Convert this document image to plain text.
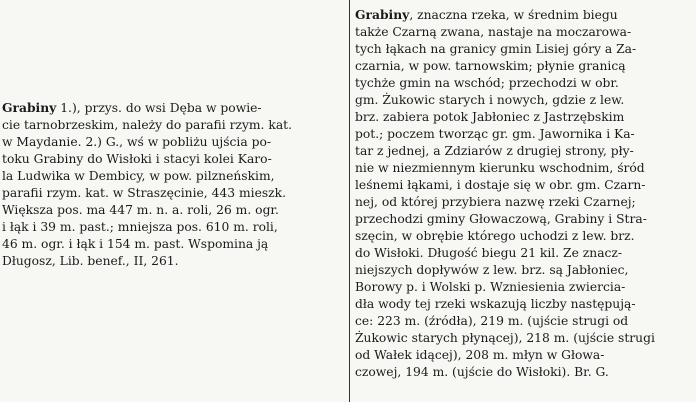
Grabiny 1.), przys. do wsi Dęba w powie-
cie tarnobrzeskim, należy do parafii rzym. kat.
w Maydanie. 2.) G., wś w pobliżu ujścia po-
toku Grabiny do Wisłoki i stacyi kolei Karo-
la Ludwika w Dembicy, w pow. pilzneńskim,
parafii rzym. kat. w Straszęcinie, 443 mieszk.
Większa pos. ma 447 m. n. a. roli, 26 m. ogr.
i łąk i 39 m. past.; mniejsza pos. 610 m. roli,
46 m. ogr. i łąk i 154 m. past. Wspomina ją
Długosz, Lib. benef., II, 261.
Grabiny, znaczna rzeka, w średnim biegu
także Czarną zwana, nastaje na moczarowa-
tych łąkach na granicy gmin Lisiej góry a Za-
czarnia, w pow. tarnowskim; płynie granicą
tychże gmin na wschód; przechodzi w obr.
gm. Żukowic starych i nowych, gdzie z lew.
brz. zabiera potok Jabłoniec z Jastrzębskim
pot.; poczem tworząc gr. gm. Jawornika i Ka-
tar z jednej, a Zdziarów z drugiej strony, pły-
nie w niezmiennym kierunku wschodnim, śród
leśnemi łąkami, i dostaje się w obr. gm. Czarn-
nej, od której przybiera nazwę rzeki Czarnej;
przechodzi gminy Głowaczową, Grabiny i Stra-
szęcin, w obrębie którego uchodzi z lew. brz.
do Wisłoki. Długość biegu 21 kil. Ze znacz-
niejszych dopływów z lew. brz. są Jabłoniec,
Borowy p. i Wolski p. Wzniesienia zwiercia-
dła wody tej rzeki wskazują liczby następują-
ce: 223 m. (źródła), 219 m. (ujście strugi od
Żukowic starych płynącej), 218 m. (ujście strugi
od Wałek idącej), 208 m. młyn w Głowa-
czowej, 194 m. (ujście do Wisłoki). Br. G.
